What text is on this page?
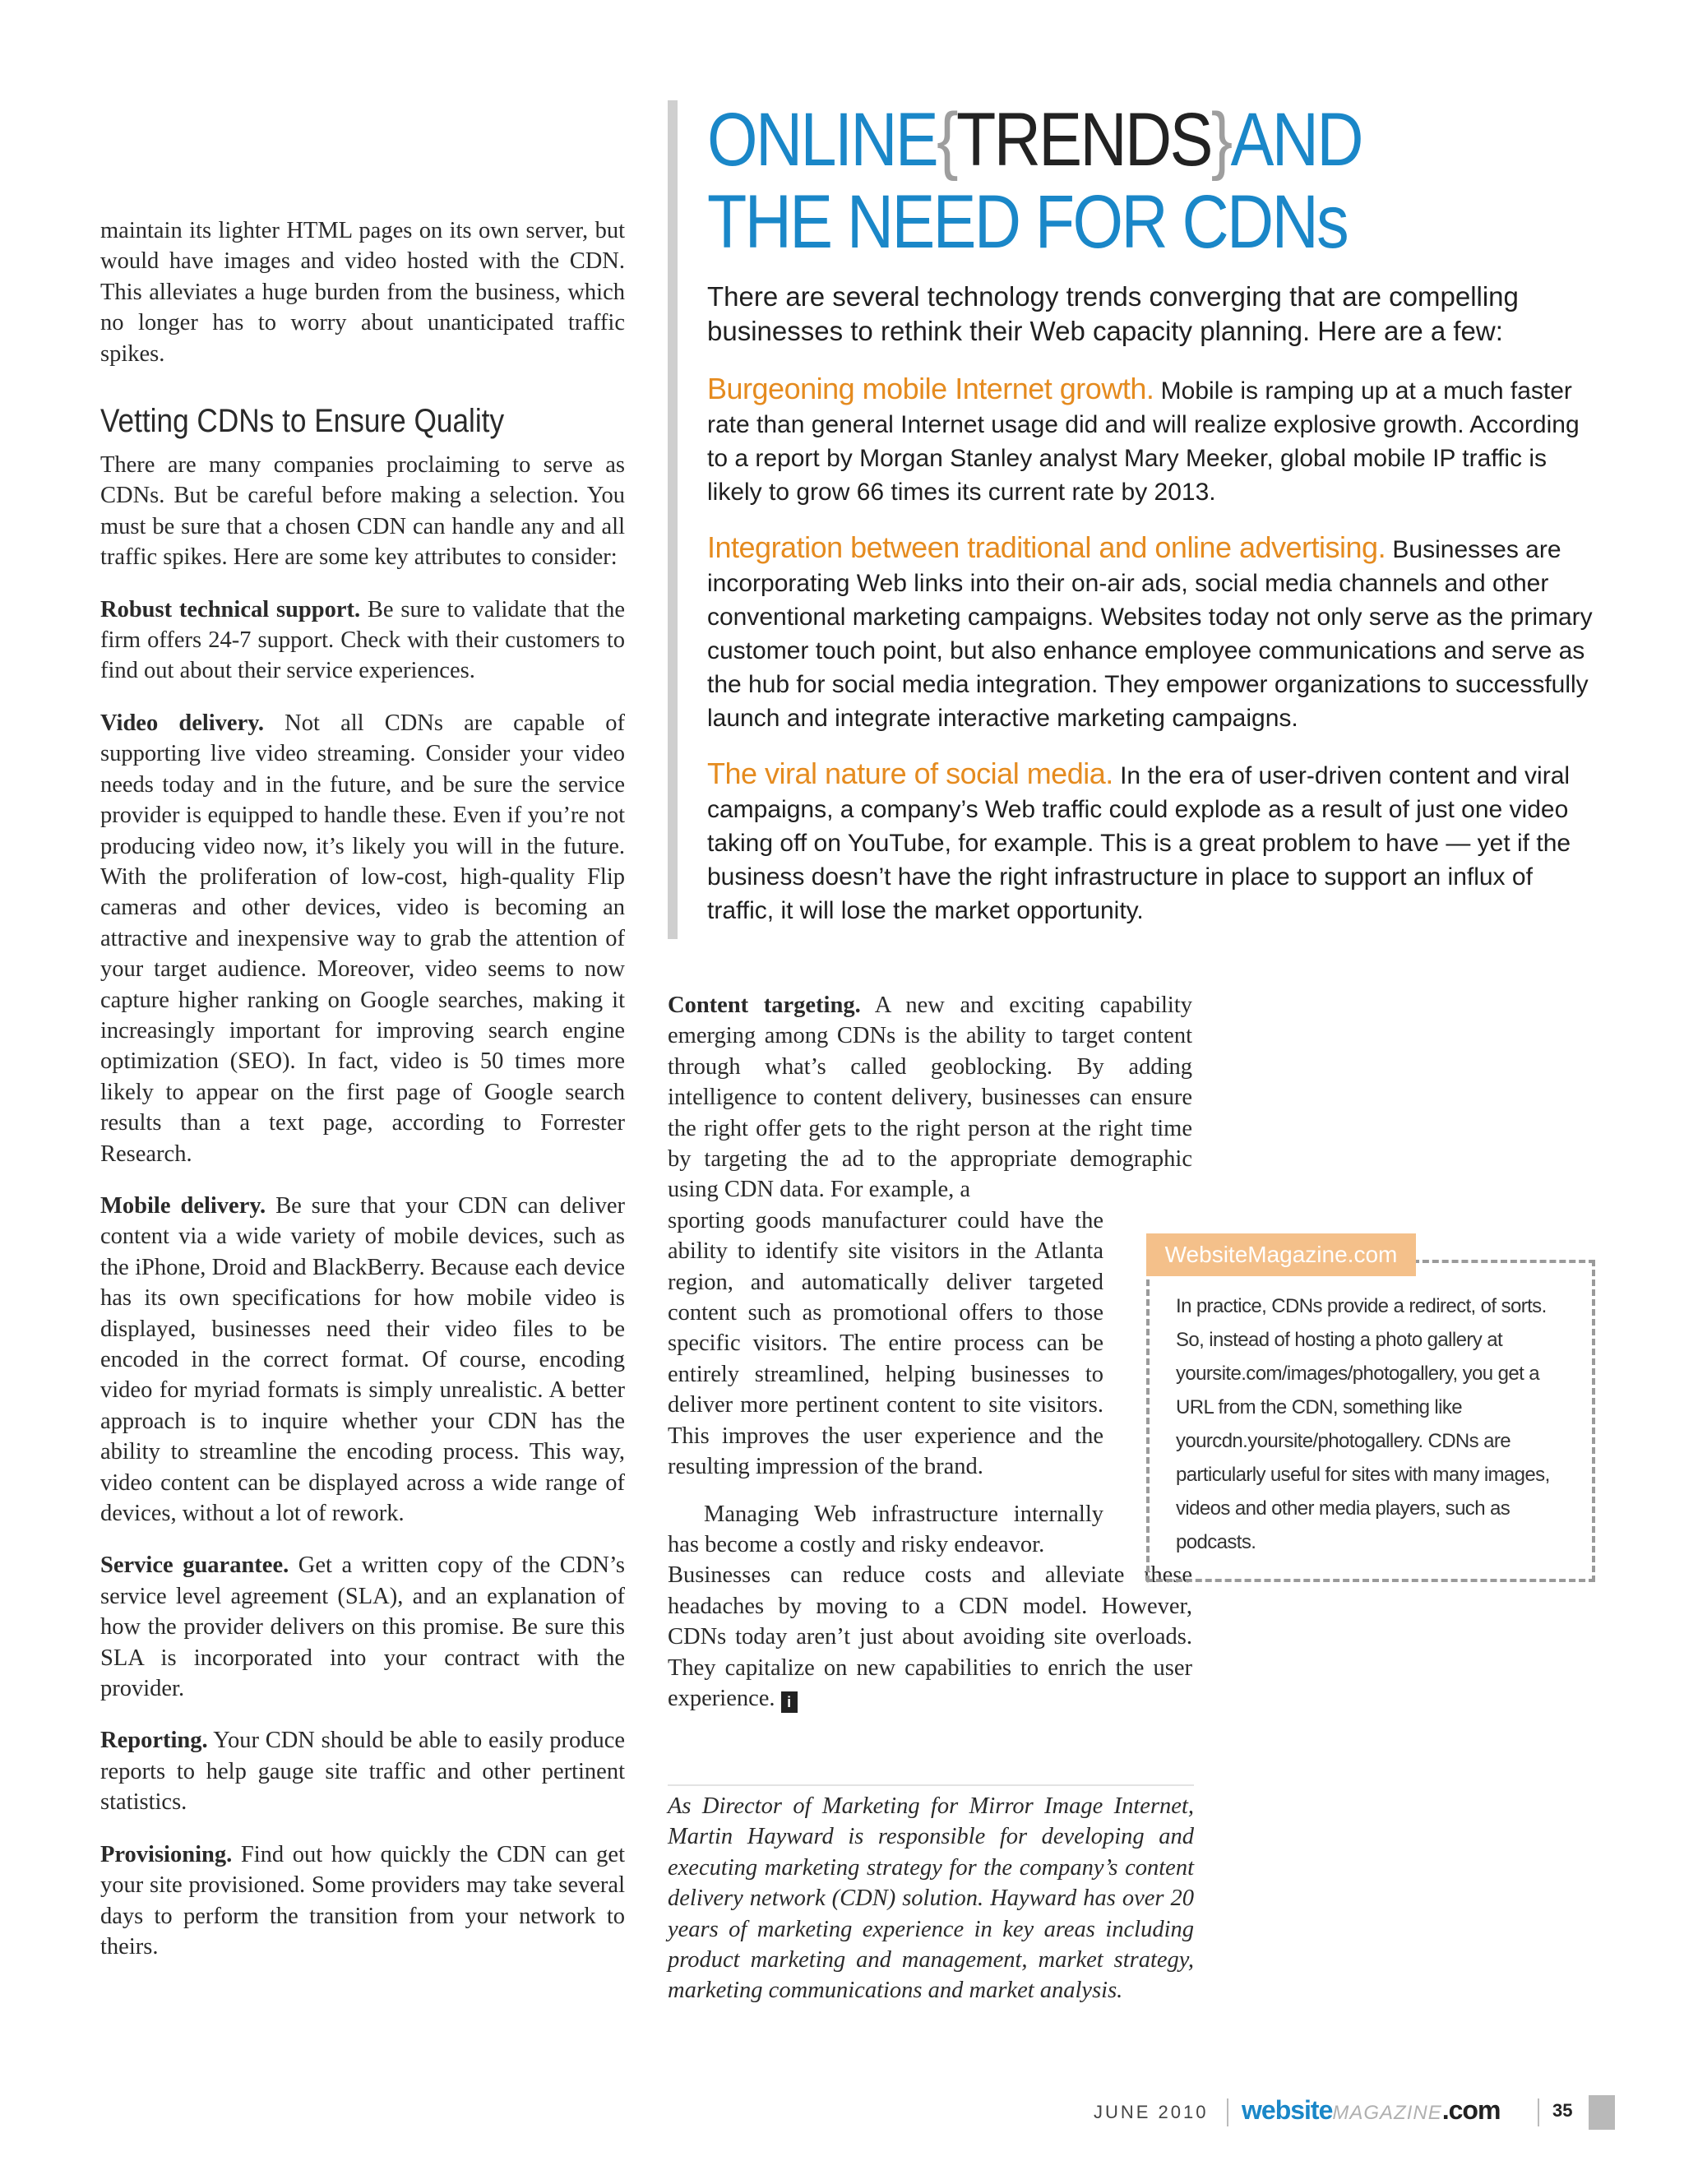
maintain its lighter HTML pages on its own server, but would have images and video hosted with the CDN. This alleviates a huge burden from the business, which no longer has to worry about unanticipated traffic spikes.

Vetting CDNs to Ensure Quality

There are many companies proclaiming to serve as CDNs. But be careful before making a selection. You must be sure that a chosen CDN can handle any and all traffic spikes. Here are some key attributes to consider:

Robust technical support. Be sure to validate that the firm offers 24-7 support. Check with their customers to find out about their service experiences.

Video delivery. Not all CDNs are capable of supporting live video streaming. Consider your video needs today and in the future, and be sure the service provider is equipped to handle these. Even if you’re not producing video now, it’s likely you will in the future. With the proliferation of low-cost, high-quality Flip cameras and other devices, video is becoming an attractive and inexpensive way to grab the attention of your target audience. Moreover, video seems to now capture higher ranking on Google searches, making it increasingly important for improving search engine optimization (SEO). In fact, video is 50 times more likely to appear on the first page of Google search results than a text page, according to Forrester Research.

Mobile delivery. Be sure that your CDN can deliver content via a wide variety of mobile devices, such as the iPhone, Droid and BlackBerry. Because each device has its own specifications for how mobile video is displayed, businesses need their video files to be encoded in the correct format. Of course, encoding video for myriad formats is simply unrealistic. A better approach is to inquire whether your CDN has the ability to streamline the encoding process. This way, video content can be displayed across a wide range of devices, without a lot of rework.

Service guarantee. Get a written copy of the CDN’s service level agreement (SLA), and an explanation of how the provider delivers on this promise. Be sure this SLA is incorporated into your contract with the provider.

Reporting. Your CDN should be able to easily produce reports to help gauge site traffic and other pertinent statistics.

Provisioning. Find out how quickly the CDN can get your site provisioned. Some providers may take several days to perform the transition from your network to theirs.

ONLINE{TRENDS}AND
THE NEED FOR CDNs

There are several technology trends converging that are compelling businesses to rethink their Web capacity planning. Here are a few:

Burgeoning mobile Internet growth. Mobile is ramping up at a much faster rate than general Internet usage did and will realize explosive growth. According to a report by Morgan Stanley analyst Mary Meeker, global mobile IP traffic is likely to grow 66 times its current rate by 2013.

Integration between traditional and online advertising. Businesses are incorporating Web links into their on-air ads, social media channels and other conventional marketing campaigns. Websites today not only serve as the primary customer touch point, but also enhance employee communications and serve as the hub for social media integration. They empower organizations to successfully launch and integrate interactive marketing campaigns.

The viral nature of social media. In the era of user-driven content and viral campaigns, a company’s Web traffic could explode as a result of just one video taking off on YouTube, for example. This is a great problem to have — yet if the business doesn’t have the right infrastructure in place to support an influx of traffic, it will lose the market opportunity.

Content targeting. A new and exciting capability emerging among CDNs is the ability to target content through what’s called geoblocking. By adding intelligence to content delivery, businesses can ensure the right offer gets to the right person at the right time by targeting the ad to the appropriate demographic using CDN data. For example, a

sporting goods manufacturer could have the ability to identify site visitors in the Atlanta region, and automatically deliver targeted content such as promotional offers to those specific visitors. The entire process can be entirely streamlined, helping businesses to deliver more pertinent content to site visitors. This improves the user experience and the resulting impression of the brand.

Managing Web infrastructure internally has become a costly and risky endeavor.

Businesses can reduce costs and alleviate these headaches by moving to a CDN model. However, CDNs today aren’t just about avoiding site overloads. They capitalize on new capabilities to enrich the user experience. i

As Director of Marketing for Mirror Image Internet, Martin Hayward is responsible for developing and executing marketing strategy for the company’s content delivery network (CDN) solution. Hayward has over 20 years of marketing experience in key areas including product marketing and management, market strategy, marketing communications and market analysis.

WebsiteMagazine.com
In practice, CDNs provide a redirect, of sorts. So, instead of hosting a photo gallery at yoursite.com/images/photogallery, you get a URL from the CDN, something like yourcdn.yoursite/photogallery. CDNs are particularly useful for sites with many images, videos and other media players, such as podcasts.
JUNE 2010 websiteMAGAZINE.com	35
